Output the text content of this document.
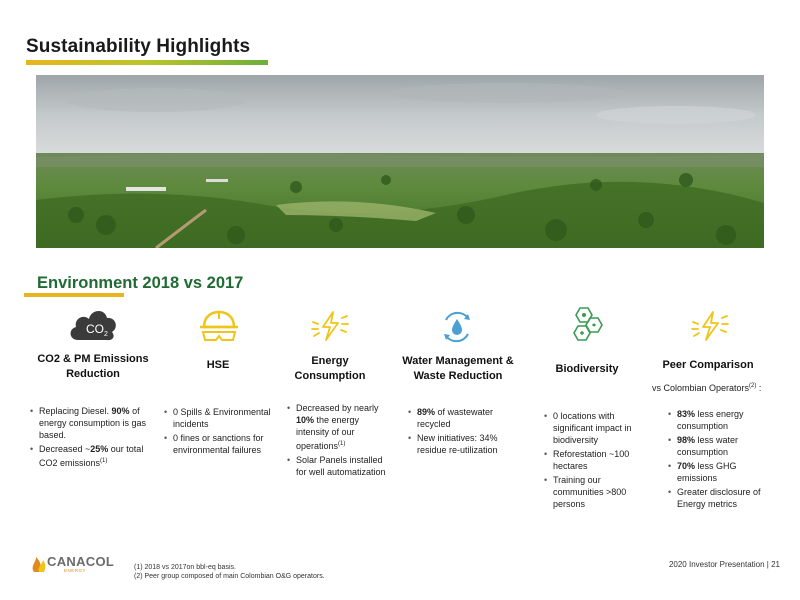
Sustainability Highlights
Environment 2018 vs 2017
CO 2
CO2 & PM Emissions Reduction
• Replacing Diesel. 90% of energy consumption is gas based.
• Decreased ~25% our total CO2 emissions$^{(1)}$
HSE
• 0 Spills & Environmental incidents
• 0 fines or sanctions for environmental failures
Energy Consumption
• Decreased by nearly 10% the energy intensity of our operations$^{(1)}$
• Solar Panels installed for well automatization
Water Management & Waste Reduction
• 89% of wastewater recycled
• New initiatives: 34% residue re-utilization
Biodiversity
• 0 locations with significant impact in biodiversity
• Reforestation ~100 hectares
• Training our communities >800 persons
Peer Comparison
vs Colombian Operators$^{(2)}$ :
• 83% less energy consumption
• 98% less water consumption
• 70% less GHG emissions
• Greater disclosure of Energy metrics
CANACOL
ENERGY	(1) 2018 vs 2017on bbl-eq basis.
(2) Peer group composed of main Colombian O&G operators.
2020 Investor Presentation | 21
